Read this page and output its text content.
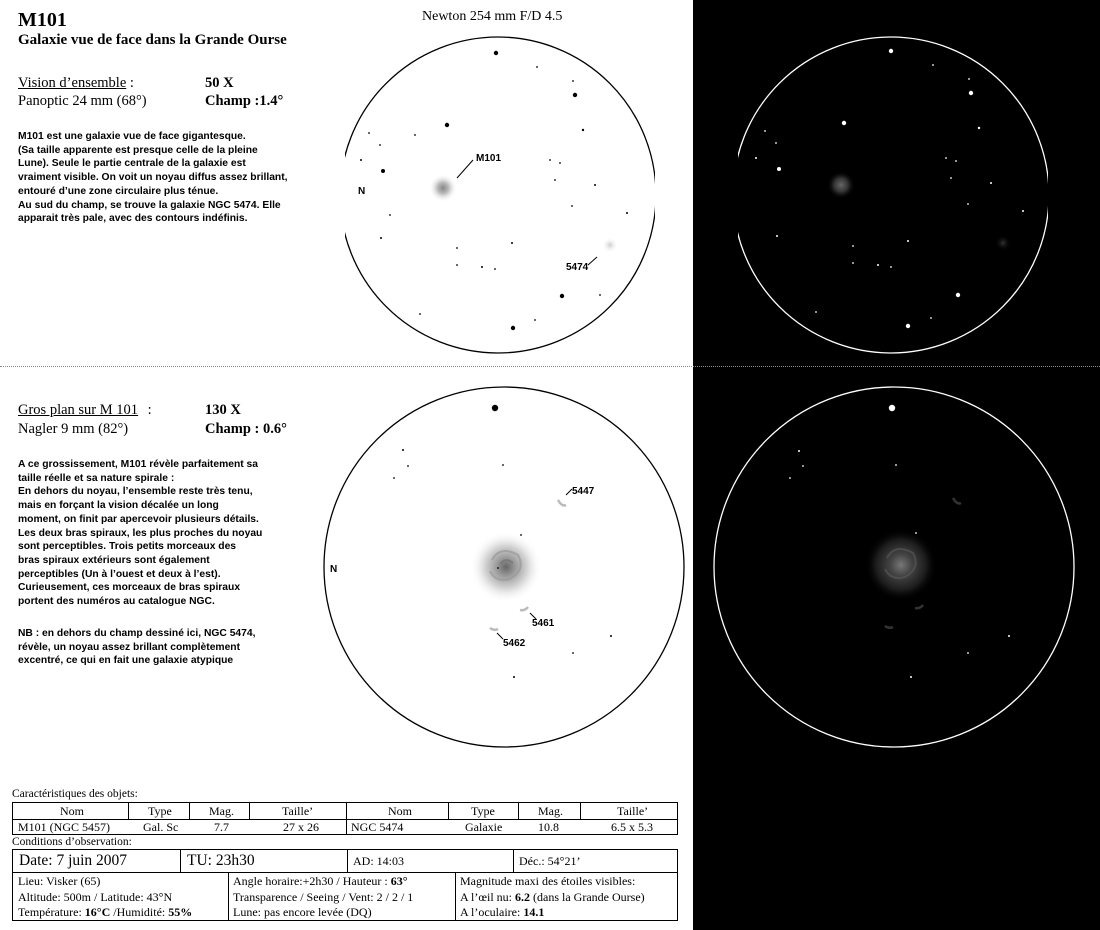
M101
Galaxie vue de face dans la Grande Ourse
Newton 254 mm F/D 4.5
Vision d’ensemble :	50 X
Panoptic 24 mm (68°)	Champ :1.4°
M101 est une galaxie vue de face gigantesque.
(Sa taille apparente est presque celle de la pleine
Lune). Seule le partie centrale de la galaxie est
vraiment visible. On voit un noyau diffus assez brillant,
entouré d’une zone circulaire plus ténue.
Au sud du champ, se trouve la galaxie NGC 5474. Elle
apparait très pale, avec des contours indéfinis.
M101
5474
N
Gros plan sur M 101 :	130 X
Nagler 9 mm (82°)	Champ : 0.6°
A ce grossissement, M101 révèle parfaitement sa
taille réelle et sa nature spirale :
En dehors du noyau, l’ensemble reste très tenu,
mais en forçant la vision décalée un long
moment, on finit par apercevoir plusieurs détails.
Les deux bras spiraux, les plus proches du noyau
sont perceptibles. Trois petits morceaux des
bras spiraux extérieurs sont également
perceptibles (Un à l’ouest et deux à l’est).
Curieusement, ces morceaux de bras spiraux
portent des numéros au catalogue NGC.
NB : en dehors du champ dessiné ici, NGC 5474,
révèle, un noyau assez brillant complètement
excentré, ce qui en fait une galaxie atypique
5447
5461
5462
N
Caractéristiques des objets:
Nom	Type	Mag.	Taille’	Nom	Type	Mag.	Taille’
M101 (NGC 5457)	Gal. Sc	7.7	27 x 26	NGC 5474	Galaxie	10.8	6.5 x 5.3
Conditions d’observation:
Date: 7 juin 2007	TU: 23h30	AD: 14:03	Déc.: 54°21’
Lieu: Visker (65)
Altitude: 500m / Latitude: 43°N
Température: 16°C /Humidité: 55%
Angle horaire:+2h30 / Hauteur : 63°
Transparence / Seeing / Vent: 2 / 2 / 1
Lune: pas encore levée (DQ)
Magnitude maxi des étoiles visibles:
A l’œil nu: 6.2 (dans la Grande Ourse)
A l’oculaire: 14.1
